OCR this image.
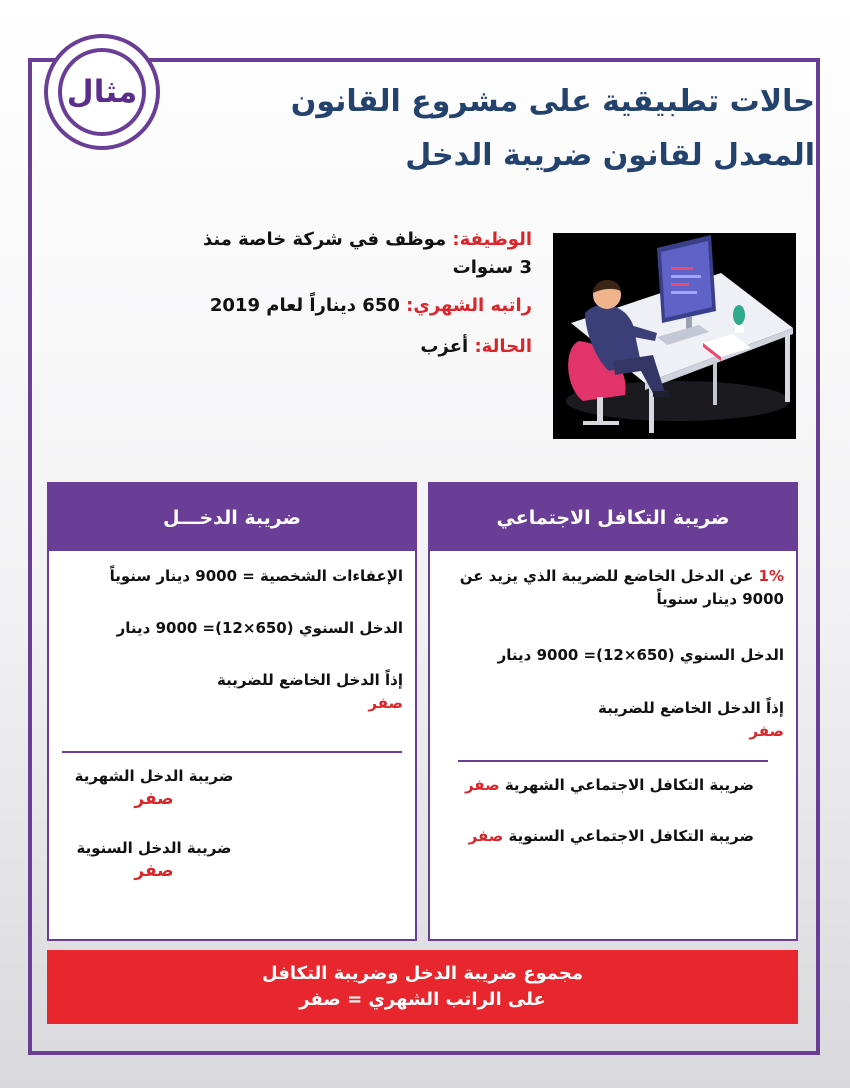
مثال	حالات تطبيقية على مشروع القانون
المعدل لقانون ضريبة الدخل
الوظيفة: موظف في شركة خاصة منذ 3 سنوات
راتبه الشهري: 650 ديناراً لعام 2019
الحالة: أعزب
ضريبة التكافل الاجتماعي
1% عن الدخل الخاضع للضريبة الذي يزيد عن 9000 دينار سنوياً
الدخل السنوي (650×12)= 9000 دينار
إذاً الدخل الخاضع للضريبة
صفر
ضريبة التكافل الاجتماعي الشهرية صفر
ضريبة التكافل الاجتماعي السنوية صفر
ضريبة الدخـــل
الإعفاءات الشخصية = 9000 دينار سنوياً
الدخل السنوي (650×12)= 9000 دينار
إذاً الدخل الخاضع للضريبة
صفر
ضريبة الدخل الشهرية
صفر
ضريبة الدخل السنوية
صفر
مجموع ضريبة الدخل وضريبة التكافل
على الراتب الشهري = صفر
